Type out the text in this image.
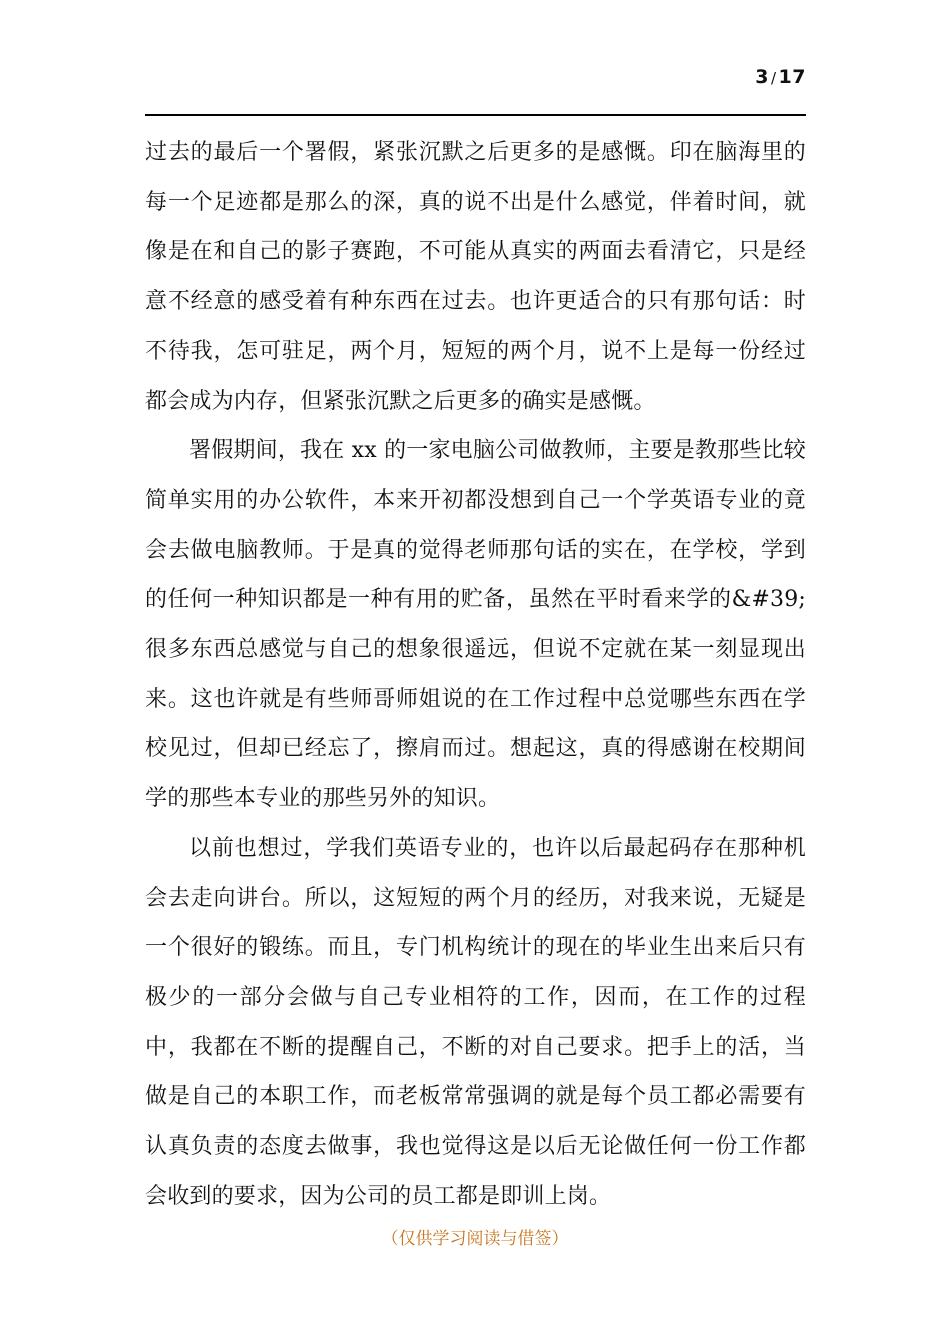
3 / 17

过去的最后一个署假，紧张沉默之后更多的是感慨。印在脑海里的每一个足迹都是那么的深，真的说不出是什么感觉，伴着时间，就像是在和自己的影子赛跑，不可能从真实的两面去看清它，只是经意不经意的感受着有种东西在过去。也许更适合的只有那句话：时不待我，怎可驻足，两个月，短短的两个月，说不上是每一份经过都会成为内存，但紧张沉默之后更多的确实是感慨。

署假期间，我在 xx 的一家电脑公司做教师，主要是教那些比较简单实用的办公软件，本来开初都没想到自己一个学英语专业的竟会去做电脑教师。于是真的觉得老师那句话的实在，在学校，学到的任何一种知识都是一种有用的贮备，虽然在平时看来学的&#39;很多东西总感觉与自己的想象很遥远，但说不定就在某一刻显现出来。这也许就是有些师哥师姐说的在工作过程中总觉哪些东西在学校见过，但却已经忘了，擦肩而过。想起这，真的得感谢在校期间学的那些本专业的那些另外的知识。

以前也想过，学我们英语专业的，也许以后最起码存在那种机会去走向讲台。所以，这短短的两个月的经历，对我来说，无疑是一个很好的锻练。而且，专门机构统计的现在的毕业生出来后只有极少的一部分会做与自己专业相符的工作，因而，在工作的过程中，我都在不断的提醒自己，不断的对自己要求。把手上的活，当做是自己的本职工作，而老板常常强调的就是每个员工都必需要有认真负责的态度去做事，我也觉得这是以后无论做任何一份工作都会收到的要求，因为公司的员工都是即训上岗。

（仅供学习阅读与借签）
